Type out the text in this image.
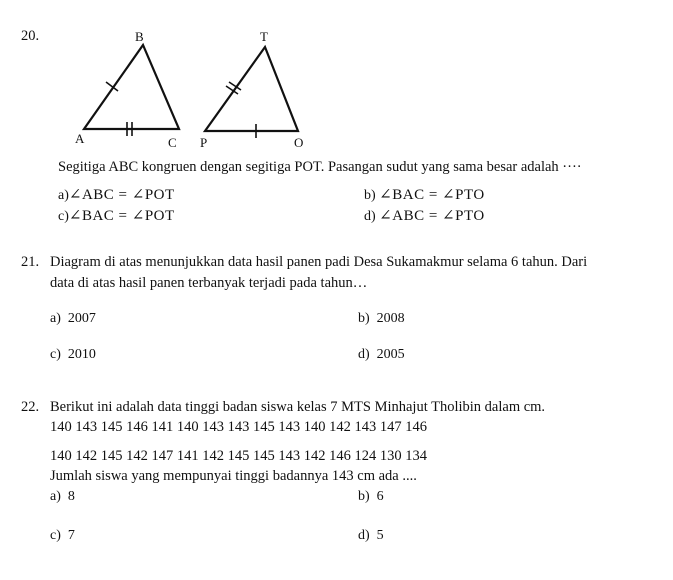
20.	B
A	C
T
P	O
Segitiga ABC kongruen dengan segitiga POT. Pasangan sudut yang sama besar adalah ····
a)∠ABC = ∠POT	b) ∠BAC = ∠PTO
c)∠BAC = ∠POT	d) ∠ABC = ∠PTO
21. Diagram di atas menunjukkan data hasil panen padi Desa Sukamakmur selama 6 tahun. Dari
data di atas hasil panen terbanyak terjadi pada tahun…
a) 2007	b) 2008
c) 2010	d) 2005
22. Berikut ini adalah data tinggi badan siswa kelas 7 MTS Minhajut Tholibin dalam cm.
140 143 145 146 141 140 143 143 145 143 140 142 143 147 146
140 142 145 142 147 141 142 145 145 143 142 146 124 130 134
Jumlah siswa yang mempunyai tinggi badannya 143 cm ada ....
a) 8	b) 6
c) 7	d) 5
